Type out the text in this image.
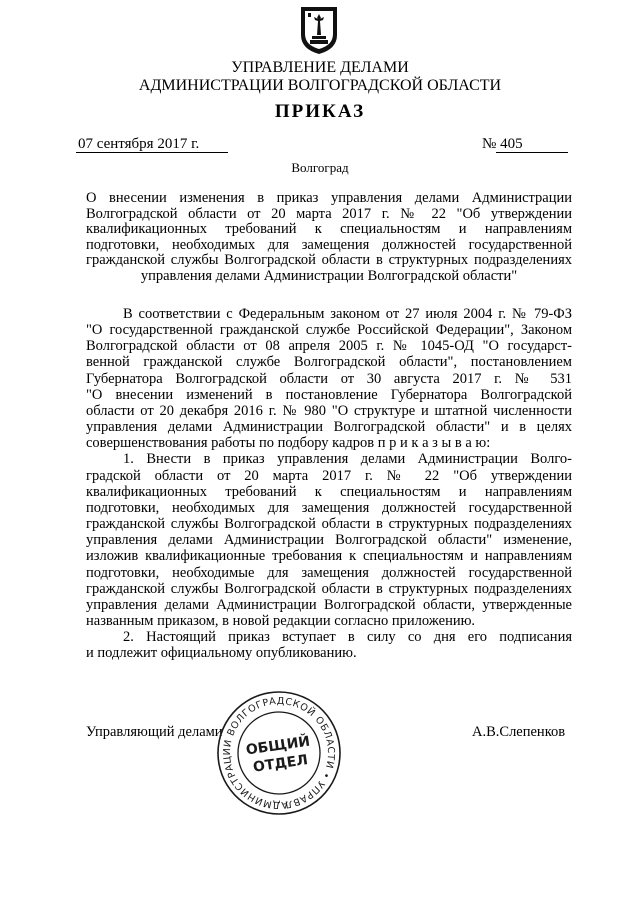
УПРАВЛЕНИЕ ДЕЛАМИ
АДМИНИСТРАЦИИ ВОЛГОГРАДСКОЙ ОБЛАСТИ
ПРИКАЗ
07 сентября 2017 г.	№ 405
Волгоград
О внесении изменения в приказ управления делами Администрации
Волгоградской области от 20 марта 2017 г. № 22 "Об утверждении
квалификационных требований к специальностям и направлениям
подготовки, необходимых для замещения должностей государственной
гражданской службы Волгоградской области в структурных подразделениях
управления делами Администрации Волгоградской области"
В соответствии с Федеральным законом от 27 июля 2004 г. № 79-ФЗ
"О государственной гражданской службе Российской Федерации", Законом
Волгоградской области от 08 апреля 2005 г. № 1045-ОД "О государст-
венной гражданской службе Волгоградской области", постановлением
Губернатора Волгоградской области от 30 августа 2017 г. № 531
"О внесении изменений в постановление Губернатора Волгоградской
области от 20 декабря 2016 г. № 980 "О структуре и штатной численности
управления делами Администрации Волгоградской области" и в целях
совершенствования работы по подбору кадров п р и к а з ы в а ю:
1. Внести в приказ управления делами Администрации Волго-
градской области от 20 марта 2017 г. № 22 "Об утверждении
квалификационных требований к специальностям и направлениям
подготовки, необходимых для замещения должностей государственной
гражданской службы Волгоградской области в структурных подразделениях
управления делами Администрации Волгоградской области" изменение,
изложив квалификационные требования к специальностям и направлениям
подготовки, необходимые для замещения должностей государственной
гражданской службы Волгоградской области в структурных подразделениях
управления делами Администрации Волгоградской области, утвержденные
названным приказом, в новой редакции согласно приложению.
2. Настоящий приказ вступает в силу со дня его подписания
и подлежит официальному опубликованию.
Управляющий делами	А.В.Слепенков
АДМИНИСТРАЦИИ ВОЛГОГРАДСКОЙ ОБЛАСТИ • УПРАВЛЕНИЕ
ОБЩИЙ
ОТДЕЛ
